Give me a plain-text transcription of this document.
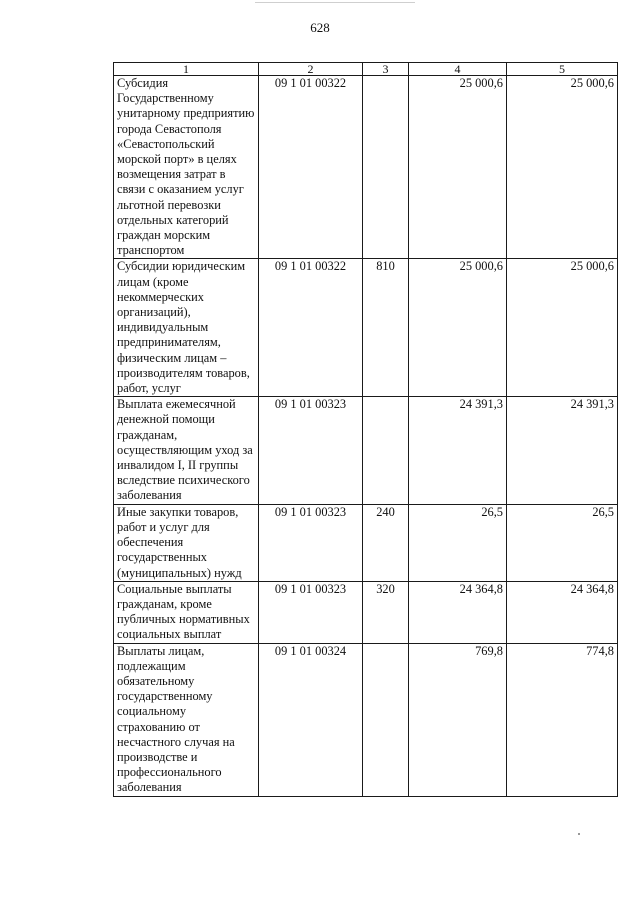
628
1	2	3	4	5
Субсидия Государственному унитарному предприятию города Севастополя «Севастопольский морской порт» в целях возмещения затрат в связи с оказанием услуг льготной перевозки отдельных категорий граждан морским транспортом	09 1 01 00322		25 000,6	25 000,6
Субсидии юридическим лицам (кроме некоммерческих организаций), индивидуальным предпринимателям, физическим лицам – производителям товаров, работ, услуг	09 1 01 00322	810	25 000,6	25 000,6
Выплата ежемесячной денежной помощи гражданам, осуществляющим уход за инвалидом I, II группы вследствие психического заболевания	09 1 01 00323		24 391,3	24 391,3
Иные закупки товаров, работ и услуг для обеспечения государственных (муниципальных) нужд	09 1 01 00323	240	26,5	26,5
Социальные выплаты гражданам, кроме публичных нормативных социальных выплат	09 1 01 00323	320	24 364,8	24 364,8
Выплаты лицам, подлежащим обязательному государственному социальному страхованию от несчастного случая на производстве и профессионального заболевания	09 1 01 00324		769,8	774,8
